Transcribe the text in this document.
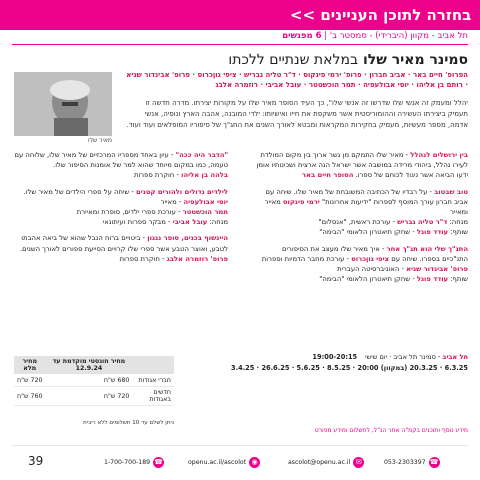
בחזרה לתוכן העניינים >>
תל אביב - מקוון (היברידי) - סמסטר ב' | 6 מפגשים
סמינר מאיר שלו במלאת שנתיים ללכתו
הפרופ' חיים באר · אביב חברון · פרופ' ירמי פינקוס · ד"ר טליה גבריש · ציפי גוןכרוס · פרופ' אבינדור שגיא · רותם בן אליהו · יוסי אבולעפיה · תמר הוכשטטר · עובל אביבי · רוזמרה אלבג
יהלל ומעמק זה אנשי שלו שדרשו זה אנשי שלו", כך העיד הסופר מאיר שלו על מקורות יצירתו. מדרה חדשה זו תעמיק ביצירתו העשירה וההומוריסטית אשר משקפת את חייו ואישיותו: ילדי המובנה, אהבה הארץ ונופיה, אנשי אדמה, מספר מעשיות, מעמיק בחקירות המקראות ומבטא לאורך השנים את החג"ך של סיפוריו המופלאים ועוד ועוד.
מאיר שלו

בין ירושלים לנהלל - מאיר שלו התמקם מן גשר ארוך בין מקום המולדת לעירו נהלל, ביהודי מרידה במושבה אשר ישראל הנה ארצית ושכינותיו אומן ידעו הביאה אשר ניגוד לכוחם של ספרו. הסופר חיים באר

טוב שבטוב - על רבדיו של הכתיבה המשובחת של מאיר שלו. שיחה עם אביב חברון עורך המוסף לספרות "ידיעות אחרונות" ירמי פינקוס מאייר ומאייר
מנחה: ד"ר טליה גבריש - עורכת ראשית, "אנסלום"
שותף: עודד פוגל - שחקן תיאטרון הלאומי "הבימה"

התנ"ך שלי הוא תנ"ך אחר - איך מאיר שלו מעצב את הסיפורים התנ"כיים בספרו. שיחה עם ציפי גוןכרוס - עורכת מחבר הדמיות וספרות
פרופ' אבינדור שגיא - האוניברסיטה העברית
שותף: עודד פוגל - שחקן תיאטרון הלאומי "הבימה"

"הדבר היה ככה" - עיון באחד מספריו המרכזיים של מאיר שלו, שלוחה עם טעמה, כמו במקום מיוחד שהוא למר של אומנות הסיפור שלו.
בלהה בן אליהו - חוקרת ספרות

לילדים גדולים ולהורים קטנים - שיחה על ספרי הילדים של מאיר שלו.
יוסי אבולעפיה - מאייר
תמר הוכשטטר - עורכת ספרי ילדים, סופרת ומאיירת
מנחה: עובל אביבי - מבקר ספרות ועיתונאי

היינשוף בכנים, סופר נגנון - ביטויים ברוח הנבל שהוא של ביאה אהבתו לטבע, ואוצר הטבע אשר ספרי שלו קרויים הסייעת ספורים לאורך השנים.
פרופ' רוזמרה אלבג - חוקרת ספרות

תל אביב - סמינר תל אביב · יום שישי
19:00-20:15
6.3.25 · 20.3.25 (במקוון) 20:00 · 8.5.25 · 5.6.25 · 26.6.25 · 3.4.25
	מחיר חוגסטי מוקדמת עד 12.9.24	מחיר מלא
חברי אגודות	680 ש"ח	720 ש"ח
חדשים באגודות	720 ש"ח	760 ש"ח
ניתן לשלם עד 10 תשלומים ללא ריבית
מידע נוסף ותוכנים בקמ"ה אתר הנ"ל, לתשלום ומידע מפורט
39	1-700-700-189 ☎	openu.ac.il/ascolot ◉	ascolot@openu.ac.il ✉	053-2303397 ☎
